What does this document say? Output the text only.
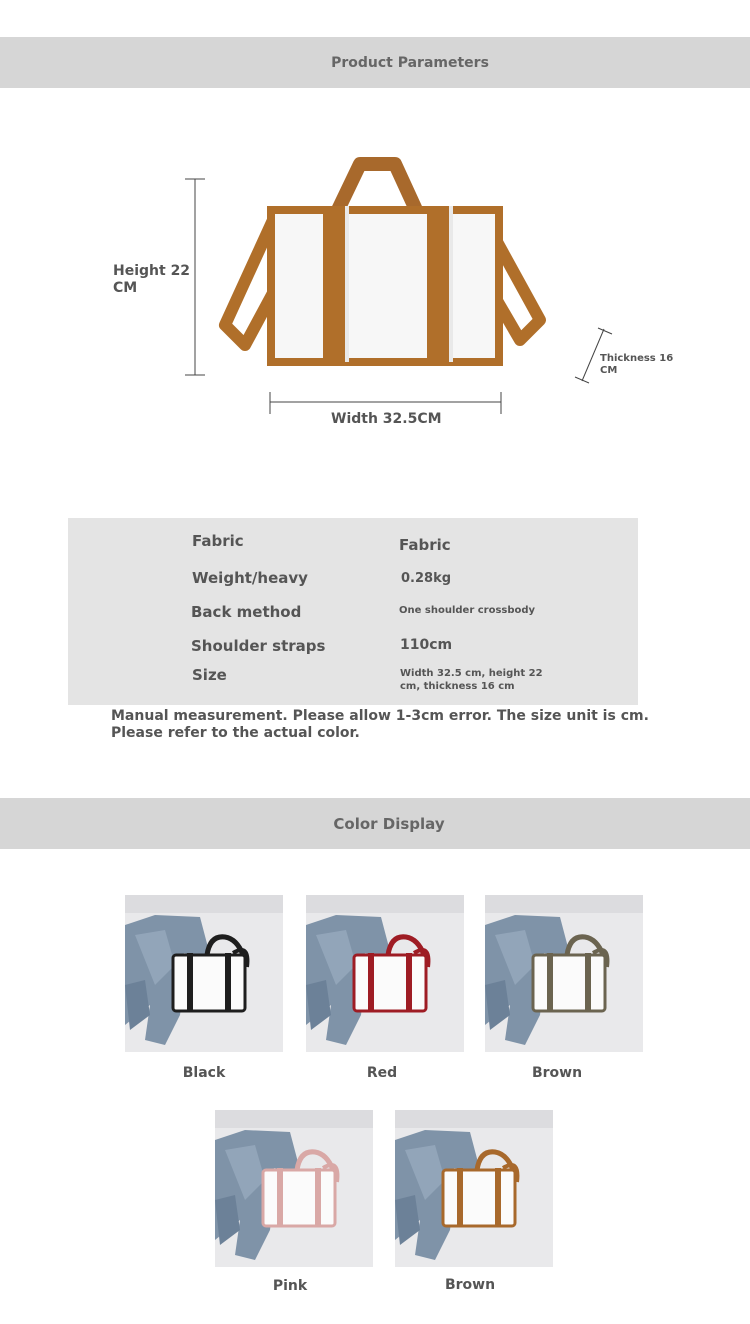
Product Parameters
Height 22 CM
Width 32.5CM
Thickness 16 CM
Fabric	Fabric
Weight/heavy	0.28kg
Back method	One shoulder crossbody
Shoulder straps	110cm
Size	Width 32.5 cm, height 22 cm, thickness 16 cm
Manual measurement. Please allow 1-3cm error. The size unit is cm. Please refer to the actual color.
Color Display
Black	Red	Brown
Pink	Brown
